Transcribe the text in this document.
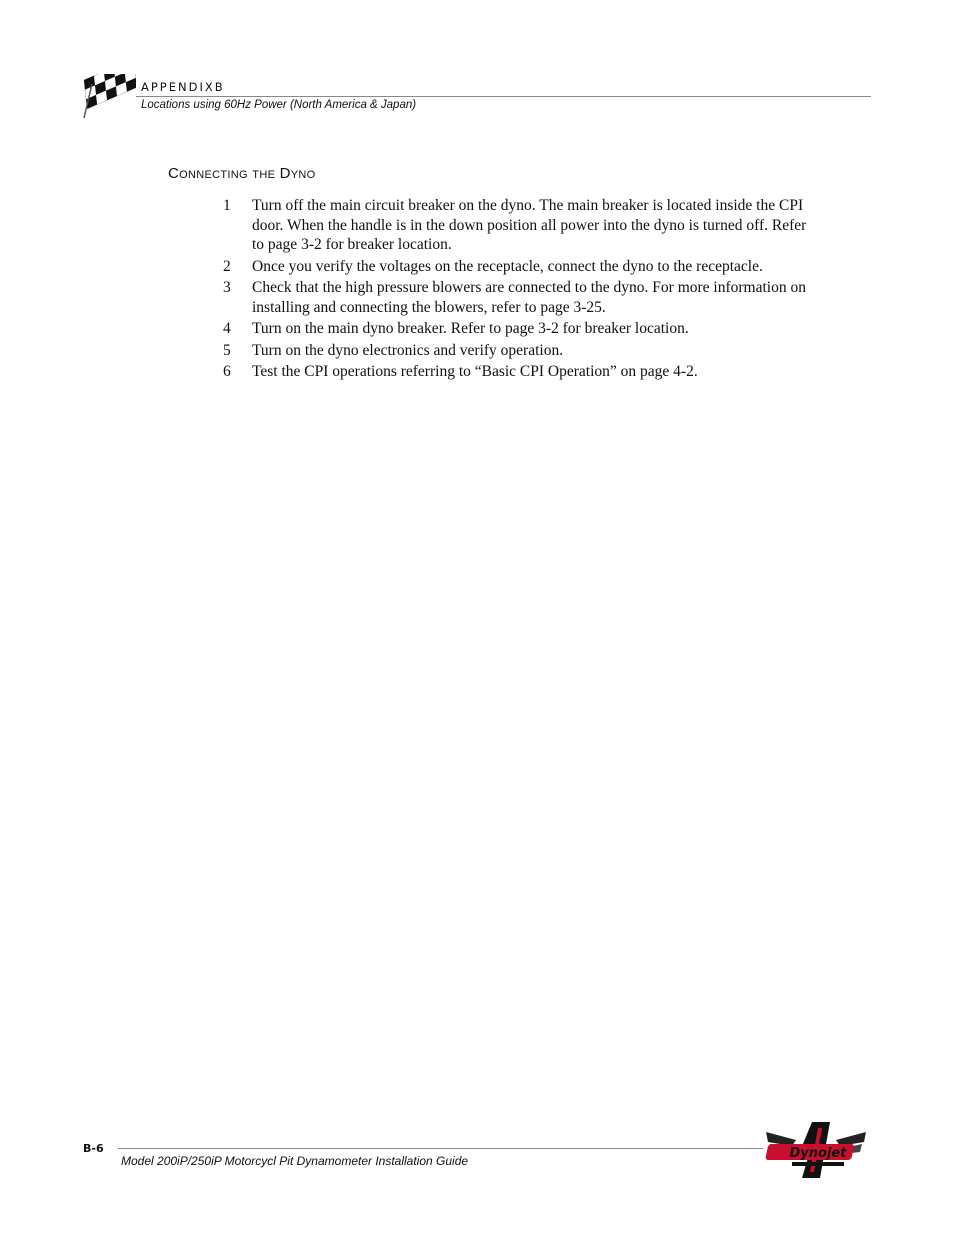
APPENDIXB
Locations using 60Hz Power (North America & Japan)
Connecting the Dyno
1 Turn off the main circuit breaker on the dyno. The main breaker is located inside the CPI door. When the handle is in the down position all power into the dyno is turned off. Refer to page 3-2 for breaker location.
2 Once you verify the voltages on the receptacle, connect the dyno to the receptacle.
3 Check that the high pressure blowers are connected to the dyno. For more information on installing and connecting the blowers, refer to page 3-25.
4 Turn on the main dyno breaker. Refer to page 3-2 for breaker location.
5 Turn on the dyno electronics and verify operation.
6 Test the CPI operations referring to “Basic CPI Operation” on page 4-2.
B-6
Model 200iP/250iP Motorcycl Pit Dynamometer Installation Guide	Dynojet
